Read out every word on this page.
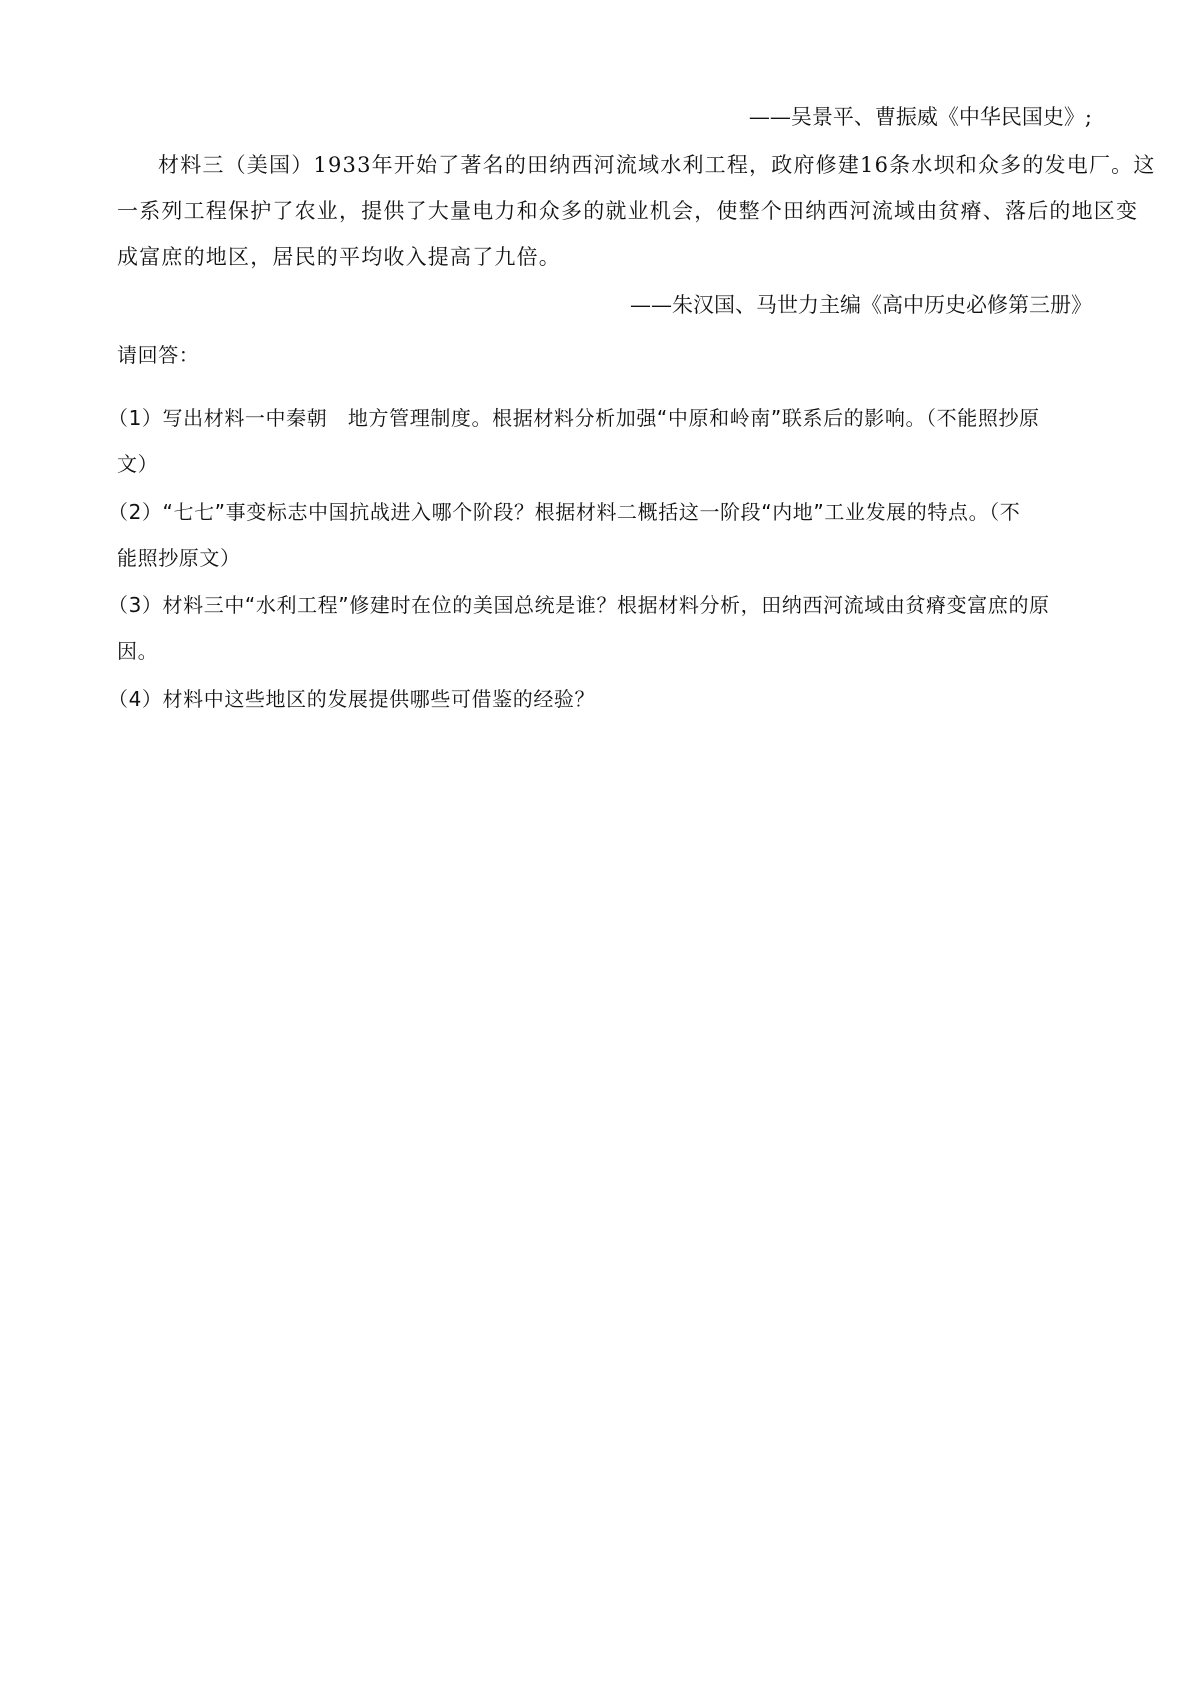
——吴景平、曹振威《中华民国史》;
材料三（美国）1933年开始了著名的田纳西河流域水利工程，政府修建16条水坝和众多的发电厂。这
一系列工程保护了农业，提供了大量电力和众多的就业机会，使整个田纳西河流域由贫瘠、落后的地区变
成富庶的地区，居民的平均收入提高了九倍。
——朱汉国、马世力主编《高中历史必修第三册》
请回答：
（1）写出材料一中秦朝　地方管理制度。根据材料分析加强“中原和岭南”联系后的影响。（不能照抄原
文）
（2）“七七”事变标志中国抗战进入哪个阶段？根据材料二概括这一阶段“内地”工业发展的特点。（不
能照抄原文）
（3）材料三中“水利工程”修建时在位的美国总统是谁？根据材料分析，田纳西河流域由贫瘠变富庶的原
因。
（4）材料中这些地区的发展提供哪些可借鉴的经验？
